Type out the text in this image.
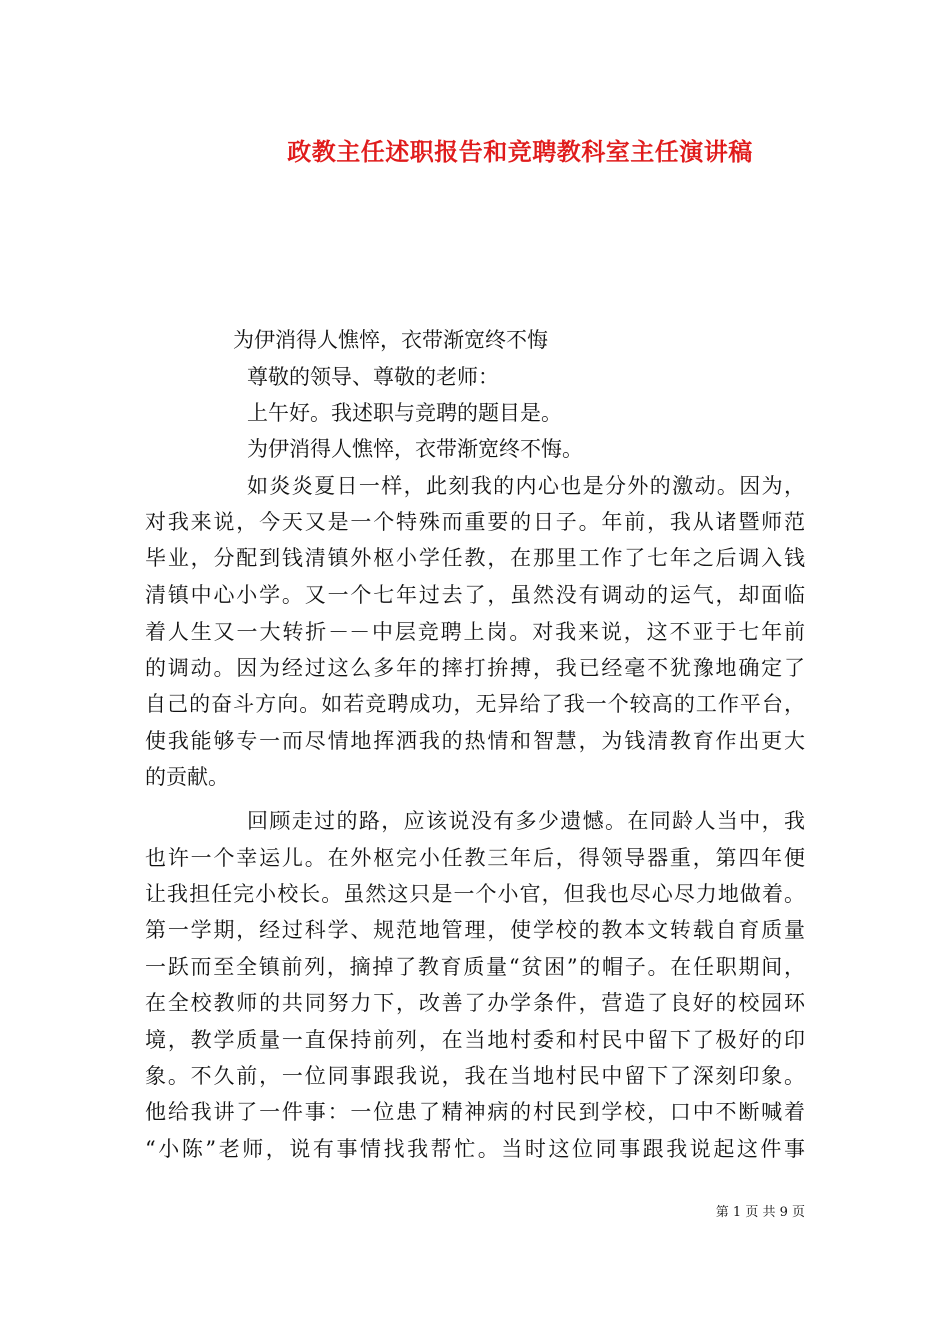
政教主任述职报告和竞聘教科室主任演讲稿
为伊消得人憔悴，衣带渐宽终不悔
尊敬的领导、尊敬的老师：
上午好。我述职与竞聘的题目是。
为伊消得人憔悴，衣带渐宽终不悔。
如炎炎夏日一样，此刻我的内心也是分外的激动。因为，
对我来说，今天又是一个特殊而重要的日子。年前，我从诸暨师范
毕业，分配到钱清镇外枢小学任教，在那里工作了七年之后调入钱
清镇中心小学。又一个七年过去了，虽然没有调动的运气，却面临
着人生又一大转折－－中层竞聘上岗。对我来说，这不亚于七年前
的调动。因为经过这么多年的摔打拚搏，我已经毫不犹豫地确定了
自己的奋斗方向。如若竞聘成功，无异给了我一个较高的工作平台，
使我能够专一而尽情地挥洒我的热情和智慧，为钱清教育作出更大
的贡献。
回顾走过的路，应该说没有多少遗憾。在同龄人当中，我
也许一个幸运儿。在外枢完小任教三年后，得领导器重，第四年便
让我担任完小校长。虽然这只是一个小官，但我也尽心尽力地做着。
第一学期，经过科学、规范地管理，使学校的教本文转载自育质量
一跃而至全镇前列，摘掉了教育质量“贫困”的帽子。在任职期间，
在全校教师的共同努力下，改善了办学条件，营造了良好的校园环
境，教学质量一直保持前列，在当地村委和村民中留下了极好的印
象。不久前，一位同事跟我说，我在当地村民中留下了深刻印象。
他给我讲了一件事：一位患了精神病的村民到学校，口中不断喊着
“小陈”老师，说有事情找我帮忙。当时这位同事跟我说起这件事
第 1 页 共 9 页
